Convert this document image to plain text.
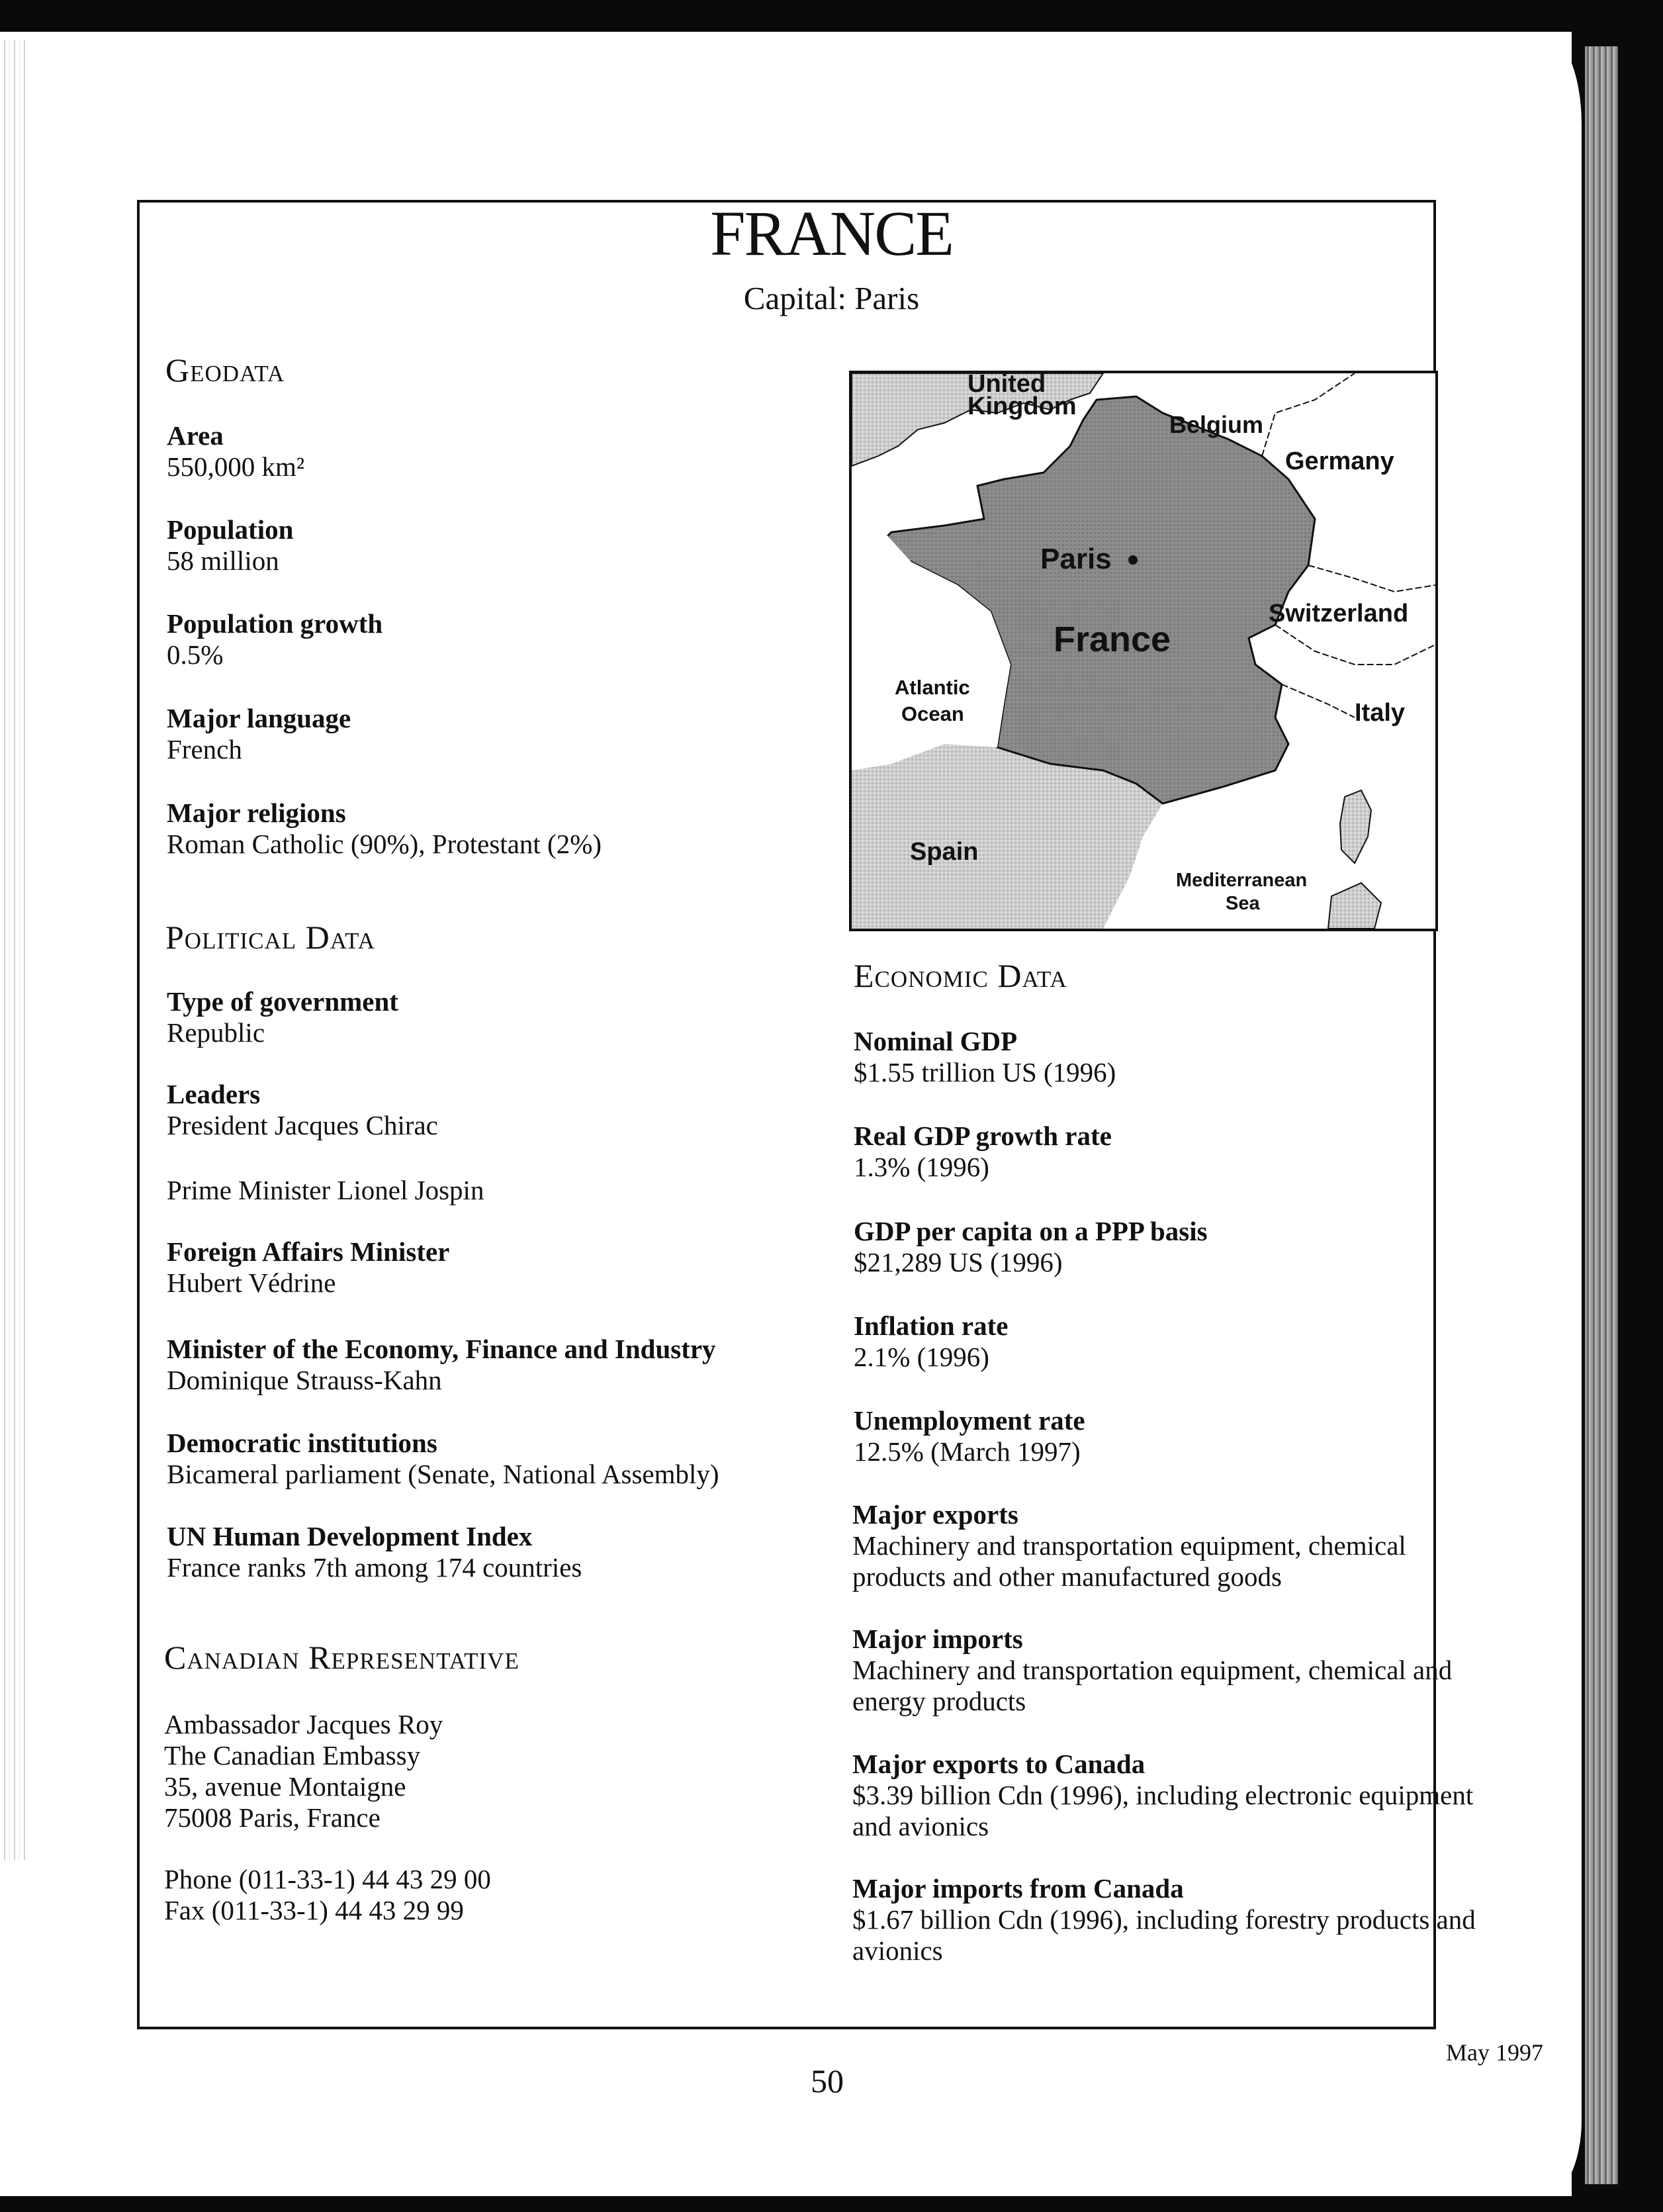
FRANCE
Capital: Paris
Geodata
Area
550,000 km²
Population
58 million
Population growth
0.5%
Major language
French
Major religions
Roman Catholic (90%), Protestant (2%)
Political Data
Type of government
Republic
Leaders
President Jacques Chirac
Prime Minister Lionel Jospin
Foreign Affairs Minister
Hubert Védrine
Minister of the Economy, Finance and Industry
Dominique Strauss-Kahn
Democratic institutions
Bicameral parliament (Senate, National Assembly)
UN Human Development Index
France ranks 7th among 174 countries
Canadian Representative
Ambassador Jacques Roy
The Canadian Embassy
35, avenue Montaigne
75008 Paris, France
Phone (011-33-1) 44 43 29 00
Fax (011-33-1) 44 43 29 99
United
Kingdom
Belgium
Germany
Paris
France
Switzerland
Atlantic
Ocean	Italy
Spain
Mediterranean
Sea
Economic Data
Nominal GDP
$1.55 trillion US (1996)
Real GDP growth rate
1.3% (1996)
GDP per capita on a PPP basis
$21,289 US (1996)
Inflation rate
2.1% (1996)
Unemployment rate
12.5% (March 1997)
Major exports
Machinery and transportation equipment, chemical
products and other manufactured goods
Major imports
Machinery and transportation equipment, chemical and
energy products
Major exports to Canada
$3.39 billion Cdn (1996), including electronic equipment
and avionics
Major imports from Canada
$1.67 billion Cdn (1996), including forestry products and
avionics
50
May 1997
